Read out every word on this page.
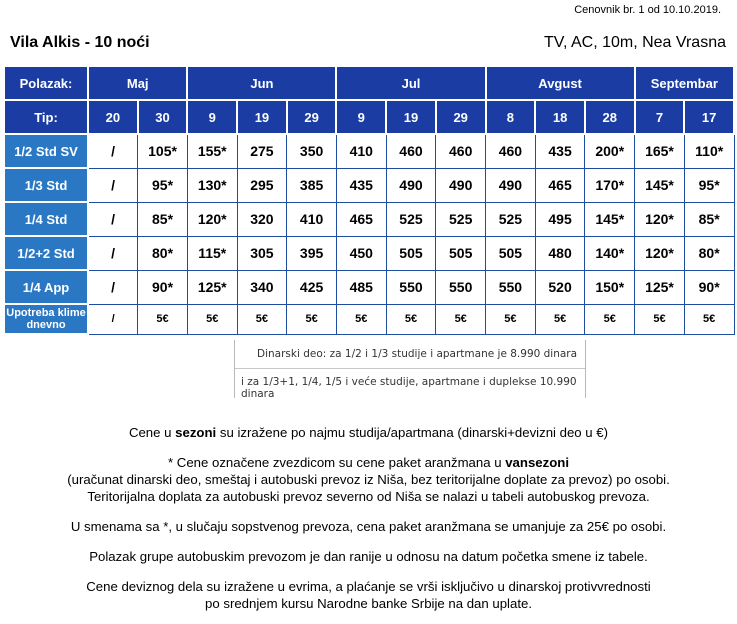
Cenovnik br. 1 od 10.10.2019.
Vila Alkis - 10 noći	TV, AC, 10m, Nea Vrasna
Polazak:	Maj		Jun			Jul			Avgust			Septembar	
Tip:	20	30	9	19	29	9	19	29	8	18	28	7	17
1/2 Std SV	/	105*	155*	275	350	410	460	460	460	435	200*	165*	110*
1/3 Std	/	95*	130*	295	385	435	490	490	490	465	170*	145*	95*
1/4 Std	/	85*	120*	320	410	465	525	525	525	495	145*	120*	85*
1/2+2 Std	/	80*	115*	305	395	450	505	505	505	480	140*	120*	80*
1/4 App	/	90*	125*	340	425	485	550	550	550	520	150*	125*	90*
Upotreba klime dnevno	/	5€	5€	5€	5€	5€	5€	5€	5€	5€	5€	5€	5€
Dinarski deo: za 1/2 i 1/3 studije i apartmane je 8.990 dinara
i za 1/3+1, 1/4, 1/5 i veće studije, apartmane i duplekse 10.990 dinara

Cene u sezoni su izražene po najmu studija/apartmana (dinarski+devizni deo u €)

* Cene označene zvezdicom su cene paket aranžmana u vansezoni

(uračunat dinarski deo, smeštaj i autobuski prevoz iz Niša, bez teritorijalne doplate za prevoz) po osobi.

Teritorijalna doplata za autobuski prevoz severno od Niša se nalazi u tabeli autobuskog prevoza.

U smenama sa *, u slučaju sopstvenog prevoza, cena paket aranžmana se umanjuje za 25€ po osobi.

Polazak grupe autobuskim prevozom je dan ranije u odnosu na datum početka smene iz tabele.

Cene deviznog dela su izražene u evrima, a plaćanje se vrši isključivo u dinarskoj protivvrednosti

po srednjem kursu Narodne banke Srbije na dan uplate.
